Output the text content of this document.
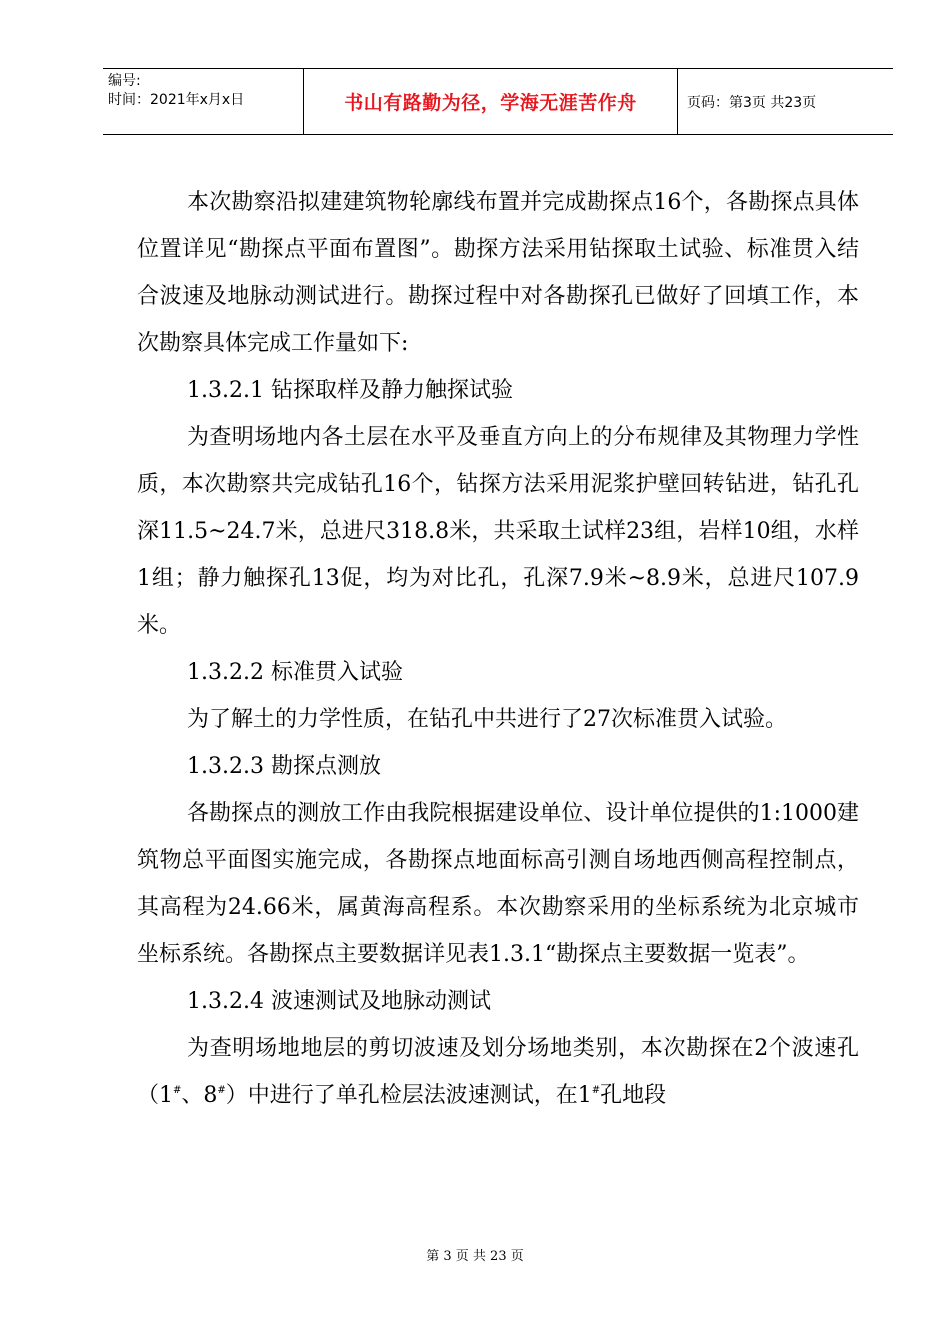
编号:
时间：2021年x月x日	书山有路勤为径，学海无涯苦作舟	页码：第3页 共23页

本次勘察沿拟建建筑物轮廓线布置并完成勘探点16个，各勘探点具体位置详见“勘探点平面布置图”。勘探方法采用钻探取土试验、标准贯入结合波速及地脉动测试进行。勘探过程中对各勘探孔已做好了回填工作，本次勘察具体完成工作量如下:

1.3.2.1 钻探取样及静力触探试验

为查明场地内各土层在水平及垂直方向上的分布规律及其物理力学性质，本次勘察共完成钻孔16个，钻探方法采用泥浆护壁回转钻进，钻孔孔深11.5~24.7米，总进尺318.8米，共采取土试样23组，岩样10组，水样1组；静力触探孔13促，均为对比孔，孔深7.9米~8.9米，总进尺107.9米。

1.3.2.2 标准贯入试验

为了解土的力学性质，在钻孔中共进行了27次标准贯入试验。

1.3.2.3 勘探点测放

各勘探点的测放工作由我院根据建设单位、设计单位提供的1:1000建筑物总平面图实施完成，各勘探点地面标高引测自场地西侧高程控制点，其高程为24.66米，属黄海高程系。本次勘察采用的坐标系统为北京城市坐标系统。各勘探点主要数据详见表1.3.1“勘探点主要数据一览表”。

1.3.2.4 波速测试及地脉动测试

为查明场地地层的剪切波速及划分场地类别，本次勘探在2个波速孔（1#、8#）中进行了单孔检层法波速测试，在1#孔地段

第 3 页 共 23 页
